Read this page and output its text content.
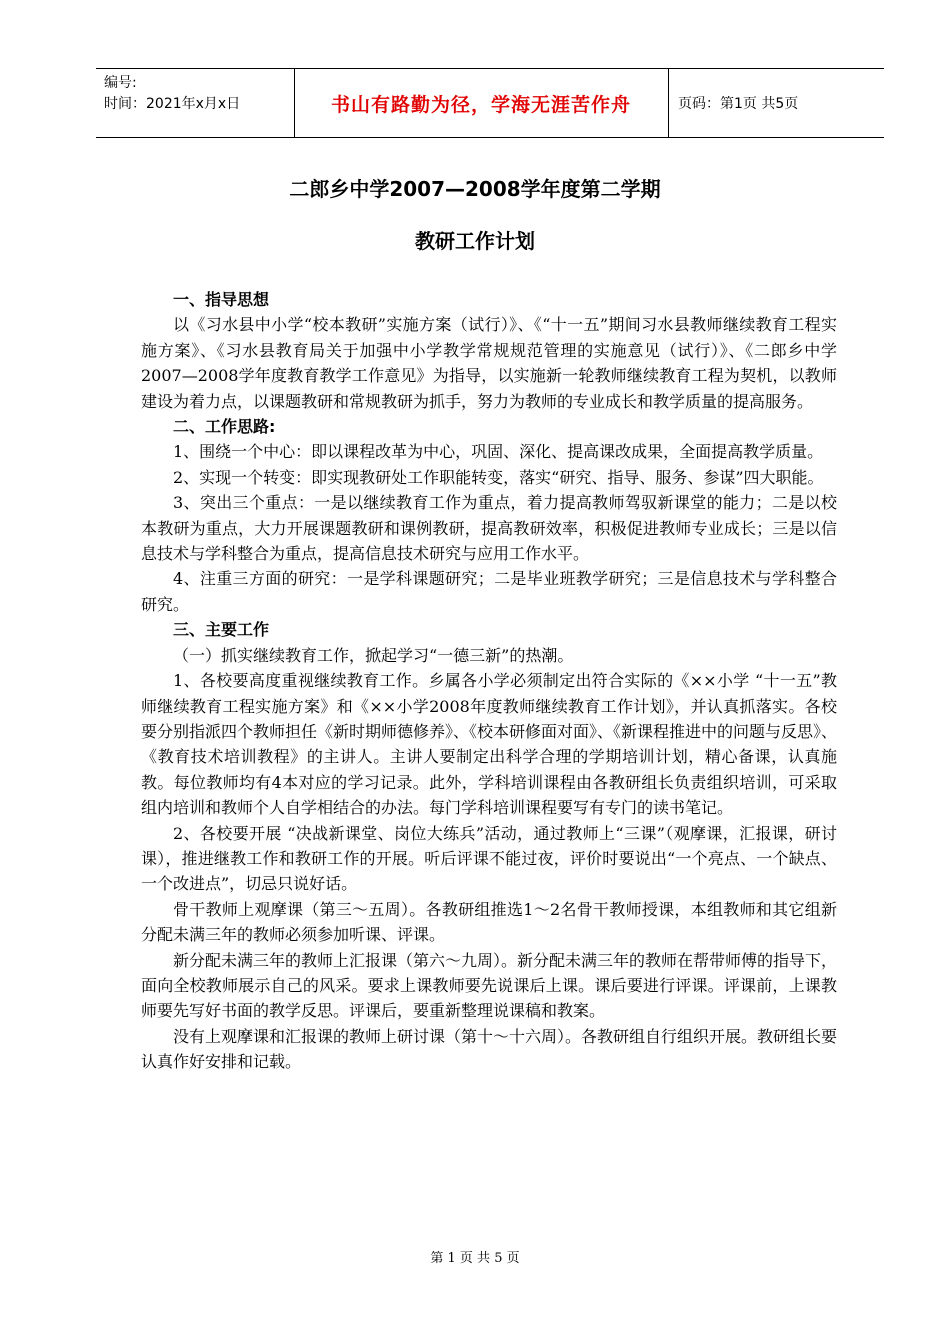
编号:
时间：2021年x月x日	书山有路勤为径，学海无涯苦作舟	页码：第1页 共5页
二郎乡中学2007—2008学年度第二学期
教研工作计划

一、指导思想

以《习水县中小学“校本教研”实施方案（试行）》、《“十一五”期间习水县教师继续教育工程实施方案》、《习水县教育局关于加强中小学教学常规规范管理的实施意见（试行）》、《二郎乡中学2007—2008学年度教育教学工作意见》为指导，以实施新一轮教师继续教育工程为契机，以教师建设为着力点，以课题教研和常规教研为抓手，努力为教师的专业成长和教学质量的提高服务。

二、工作思路:

1、围绕一个中心：即以课程改革为中心，巩固、深化、提高课改成果，全面提高教学质量。

2、实现一个转变：即实现教研处工作职能转变，落实“研究、指导、服务、参谋”四大职能。

3、突出三个重点：一是以继续教育工作为重点，着力提高教师驾驭新课堂的能力；二是以校本教研为重点，大力开展课题教研和课例教研，提高教研效率，积极促进教师专业成长；三是以信息技术与学科整合为重点，提高信息技术研究与应用工作水平。

4、注重三方面的研究：一是学科课题研究；二是毕业班教学研究；三是信息技术与学科整合研究。

三、主要工作

（一）抓实继续教育工作，掀起学习“一德三新”的热潮。

1、各校要高度重视继续教育工作。乡属各小学必须制定出符合实际的《××小学 “十一五”教师继续教育工程实施方案》和《××小学2008年度教师继续教育工作计划》，并认真抓落实。各校要分别指派四个教师担任《新时期师德修养》、《校本研修面对面》、《新课程推进中的问题与反思》、《教育技术培训教程》的主讲人。主讲人要制定出科学合理的学期培训计划，精心备课，认真施教。每位教师均有4本对应的学习记录。此外，学科培训课程由各教研组长负责组织培训，可采取组内培训和教师个人自学相结合的办法。每门学科培训课程要写有专门的读书笔记。

2、各校要开展 “决战新课堂、岗位大练兵”活动，通过教师上“三课”（观摩课，汇报课，研讨课），推进继教工作和教研工作的开展。听后评课不能过夜，评价时要说出“一个亮点、一个缺点、一个改进点”，切忌只说好话。

骨干教师上观摩课（第三～五周）。各教研组推选1～2名骨干教师授课，本组教师和其它组新分配未满三年的教师必须参加听课、评课。

新分配未满三年的教师上汇报课（第六～九周）。新分配未满三年的教师在帮带师傅的指导下，面向全校教师展示自己的风采。要求上课教师要先说课后上课。课后要进行评课。评课前，上课教师要先写好书面的教学反思。评课后，要重新整理说课稿和教案。

没有上观摩课和汇报课的教师上研讨课（第十～十六周）。各教研组自行组织开展。教研组长要认真作好安排和记载。

第 1 页 共 5 页
